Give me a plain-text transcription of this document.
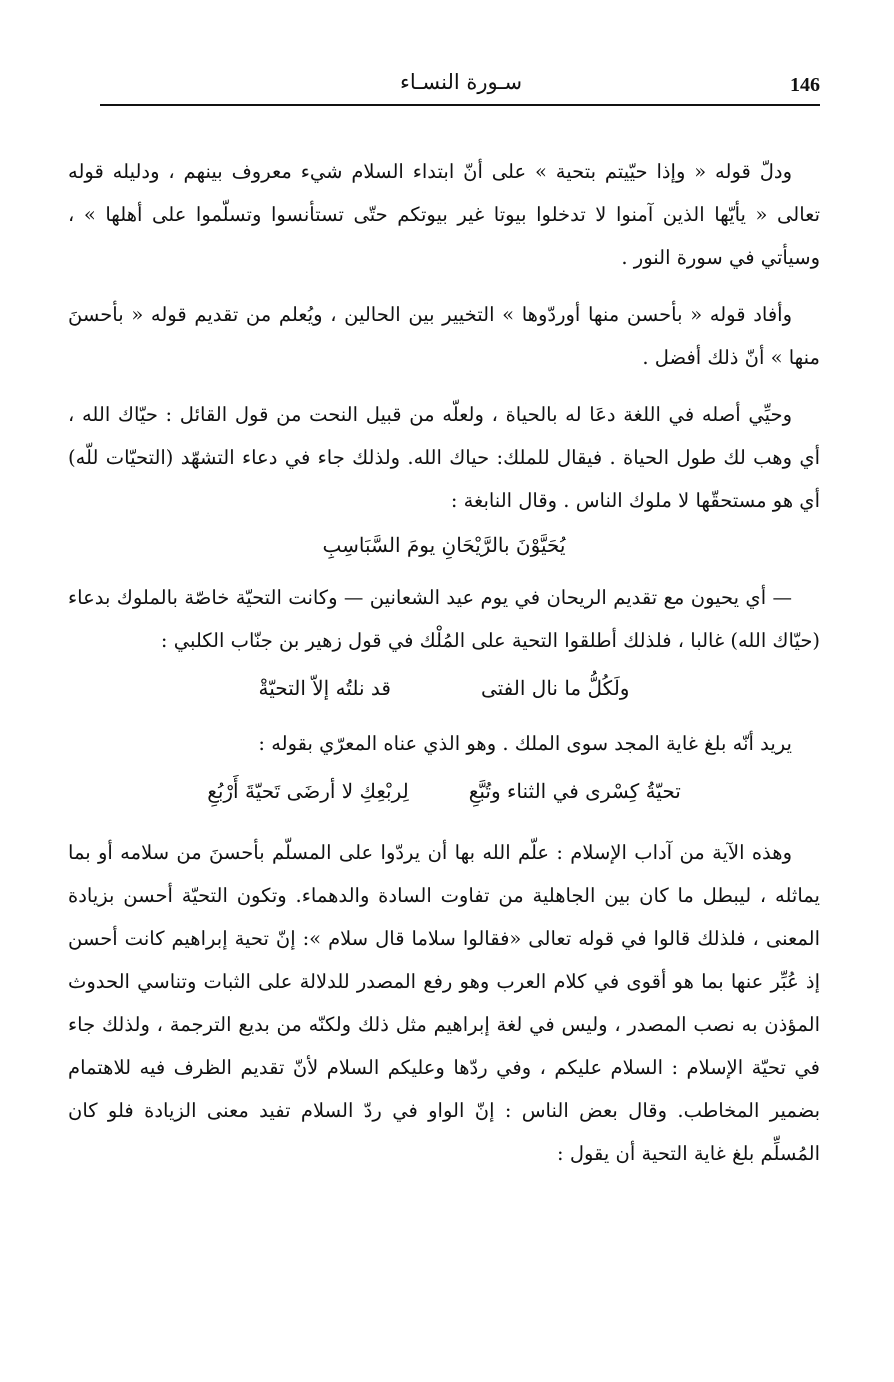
سـورة النسـاء	146

ودلّ قوله « وإذا حيّيتم بتحية » على أنّ ابتداء السلام شيء معروف بينهم ، ودليله قوله تعالى « يأيّها الذين آمنوا لا تدخلوا بيوتا غير بيوتكم حتّى تستأنسوا وتسلّموا على أهلها » ، وسيأتي في سورة النور .

وأفاد قوله « بأحسن منها أوردّوها » التخيير بين الحالين ، ويُعلم من تقديم قوله « بأحسنَ منها » أنّ ذلك أفضل .

وحيِّي أصله في اللغة دعَا له بالحياة ، ولعلّه من قبيل النحت من قول القائل : حيّاك الله ، أي وهب لك طول الحياة . فيقال للملك: حياك الله. ولذلك جاء في دعاء التشهّد (التحيّات للّه) أي هو مستحقّها لا ملوك الناس . وقال النابغة :

يُحَيَّوْنَ بالرَّيْحَانِ يومَ السَّبَاسِبِ

— أي يحيون مع تقديم الريحان في يوم عيد الشعانين — وكانت التحيّة خاصّة بالملوك بدعاء (حيّاك الله) غالبا ، فلذلك أطلقوا التحية على المُلْك في قول زهير بن جنّاب الكلبي :

ولَكُلُّ ما نال الفتى
قد نلتُه إلاّ التحيّةْ

يريد أنّه بلغ غاية المجد سوى الملك . وهو الذي عناه المعرّي بقوله :

تحيّةُ كِسْرى في الثناء وتُبَّعِ
لِربْعِكِ لا أرضَى تَحيّةَ أَرْبُعِ

وهذه الآية من آداب الإسلام : علّم الله بها أن يردّوا على المسلّم بأحسنَ من سلامه أو بما يماثله ، ليبطل ما كان بين الجاهلية من تفاوت السادة والدهماء. وتكون التحيّة أحسن بزيادة المعنى ، فلذلك قالوا في قوله تعالى «فقالوا سلاما قال سلام »: إنّ تحية إبراهيم كانت أحسن إذ عُبِّر عنها بما هو أقوى في كلام العرب وهو رفع المصدر للدلالة على الثبات وتناسي الحدوث المؤذن به نصب المصدر ، وليس في لغة إبراهيم مثل ذلك ولكنّه من بديع الترجمة ، ولذلك جاء في تحيّة الإسلام : السلام عليكم ، وفي ردّها وعليكم السلام لأنّ تقديم الظرف فيه للاهتمام بضمير المخاطب. وقال بعض الناس : إنّ الواو في ردّ السلام تفيد معنى الزيادة فلو كان المُسلِّم بلغ غاية التحية أن يقول :
